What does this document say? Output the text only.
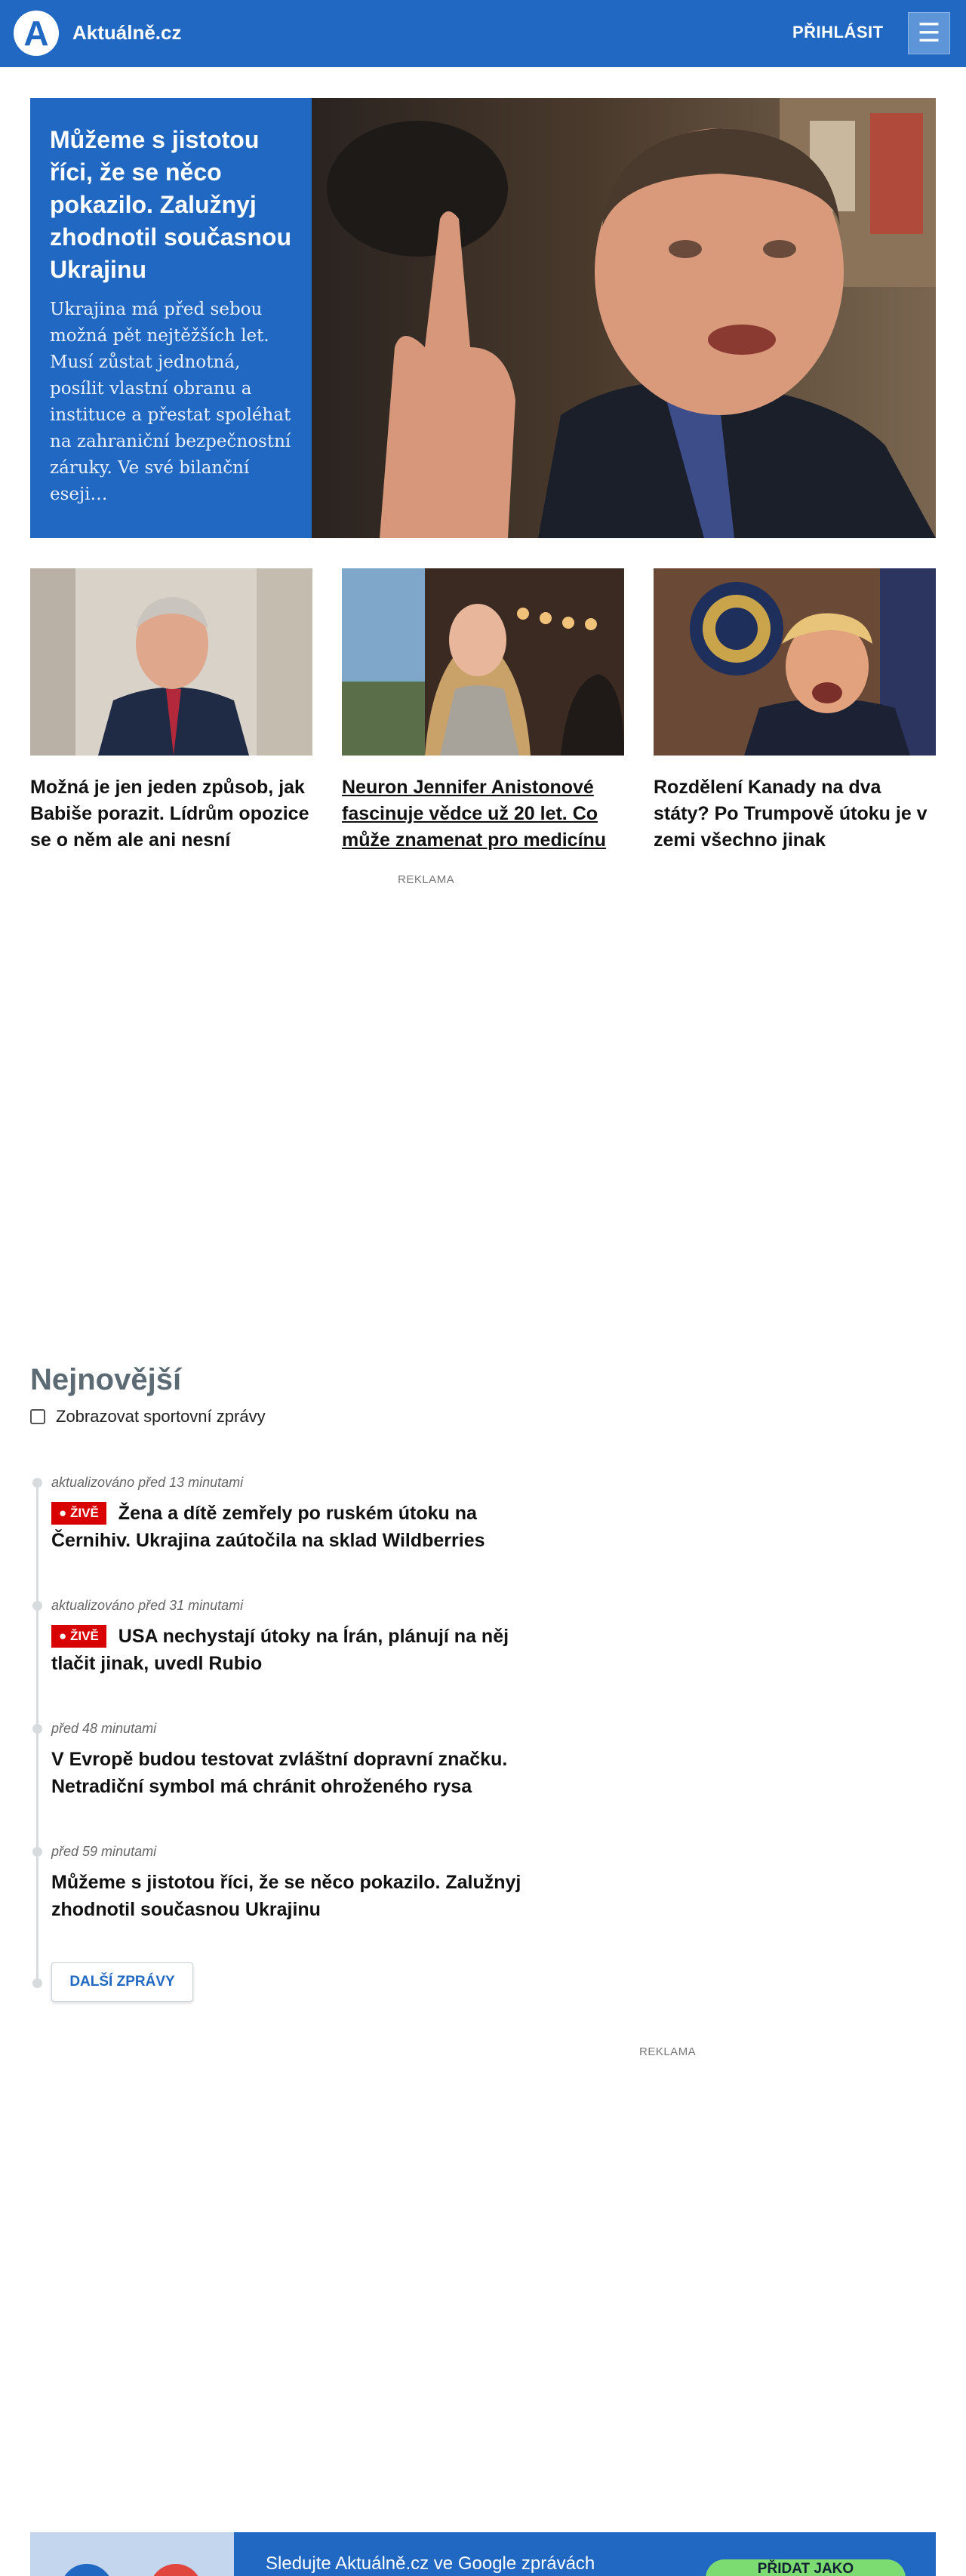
A Aktuálně.cz	PŘIHLÁSIT	☰
Můžeme s jistotou říci, že se něco pokazilo. Zalužnyj zhodnotil současnou Ukrajinu
Ukrajina má před sebou možná pět nejtěžších let. Musí zůstat jednotná, posílit vlastní obranu a instituce a přestat spoléhat na zahraniční bezpečnostní záruky. Ve své bilanční eseji…
Možná je jen jeden způsob, jak Babiše porazit. Lídrům opozice se o něm ale ani nesní
Neuron Jennifer Anistonové fascinuje vědce už 20 let. Co může znamenat pro medicínu
Rozdělení Kanady na dva státy? Po Trumpově útoku je v zemi všechno jinak
REKLAMA
Nejnovější
Zobrazovat sportovní zprávy
aktualizováno před 13 minutami
● ŽIVĚ Žena a dítě zemřely po ruském útoku na Černihiv. Ukrajina zaútočila na sklad Wildberries
aktualizováno před 31 minutami
● ŽIVĚ USA nechystají útoky na Írán, plánují na něj tlačit jinak, uvedl Rubio
před 48 minutami
V Evropě budou testovat zvláštní dopravní značku. Netradiční symbol má chránit ohroženého rysa
před 59 minutami
Můžeme s jistotou říci, že se něco pokazilo. Zalužnyj zhodnotil současnou Ukrajinu
DALŠÍ ZPRÁVY
REKLAMA
Sledujte Aktuálně.cz ve Google zprávách	PŘIDAT JAKO
